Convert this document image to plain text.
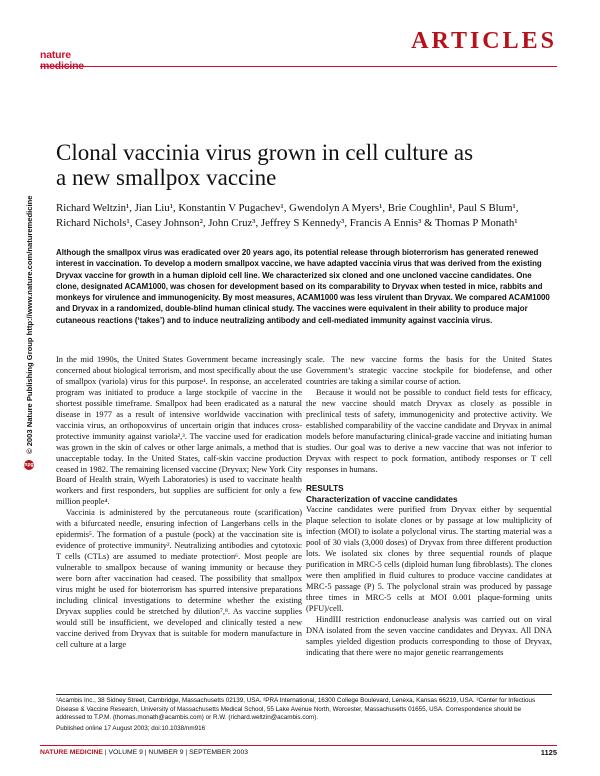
nature
medicine
ARTICLES
npg
© 2003 Nature Publishing Group http://www.nature.com/naturemedicine
Clonal vaccinia virus grown in cell culture as a new smallpox vaccine

Richard Weltzin¹, Jian Liu¹, Konstantin V Pugachev¹, Gwendolyn A Myers¹, Brie Coughlin¹, Paul S Blum¹, Richard Nichols¹, Casey Johnson², John Cruz³, Jeffrey S Kennedy³, Francis A Ennis³ & Thomas P Monath¹

Although the smallpox virus was eradicated over 20 years ago, its potential release through bioterrorism has generated renewed interest in vaccination. To develop a modern smallpox vaccine, we have adapted vaccinia virus that was derived from the existing Dryvax vaccine for growth in a human diploid cell line. We characterized six cloned and one uncloned vaccine candidates. One clone, designated ACAM1000, was chosen for development based on its comparability to Dryvax when tested in mice, rabbits and monkeys for virulence and immunogenicity. By most measures, ACAM1000 was less virulent than Dryvax. We compared ACAM1000 and Dryvax in a randomized, double-blind human clinical study. The vaccines were equivalent in their ability to produce major cutaneous reactions (‘takes’) and to induce neutralizing antibody and cell-mediated immunity against vaccinia virus.

In the mid 1990s, the United States Government became increasingly concerned about biological terrorism, and most specifically about the use of smallpox (variola) virus for this purpose¹. In response, an accelerated program was initiated to produce a large stockpile of vaccine in the shortest possible timeframe. Smallpox had been eradicated as a natural disease in 1977 as a result of intensive worldwide vaccination with vaccinia virus, an orthopoxvirus of uncertain origin that induces cross-protective immunity against variola²,³. The vaccine used for eradication was grown in the skin of calves or other large animals, a method that is unacceptable today. In the United States, calf-skin vaccine production ceased in 1982. The remaining licensed vaccine (Dryvax; New York City Board of Health strain, Wyeth Laboratories) is used to vaccinate health workers and first responders, but supplies are sufficient for only a few million people⁴.

Vaccinia is administered by the percutaneous route (scarification) with a bifurcated needle, ensuring infection of Langerhans cells in the epidermis⁵. The formation of a pustule (pock) at the vaccination site is evidence of protective immunity². Neutralizing antibodies and cytotoxic T cells (CTLs) are assumed to mediate protection⁶. Most people are vulnerable to smallpox because of waning immunity or because they were born after vaccination had ceased. The possibility that smallpox virus might be used for bioterrorism has spurred intensive preparations including clinical investigations to determine whether the existing Dryvax supplies could be stretched by dilution⁷,⁸. As vaccine supplies would still be insufficient, we developed and clinically tested a new vaccine derived from Dryvax that is suitable for modern manufacture in cell culture at a large

scale. The new vaccine forms the basis for the United States Government’s strategic vaccine stockpile for biodefense, and other countries are taking a similar course of action.

Because it would not be possible to conduct field tests for efficacy, the new vaccine should match Dryvax as closely as possible in preclinical tests of safety, immunogenicity and protective activity. We established comparability of the vaccine candidate and Dryvax in animal models before manufacturing clinical-grade vaccine and initiating human studies. Our goal was to derive a new vaccine that was not inferior to Dryvax with respect to pock formation, antibody responses or T cell responses in humans.

RESULTS
Characterization of vaccine candidates

Vaccine candidates were purified from Dryvax either by sequential plaque selection to isolate clones or by passage at low multiplicity of infection (MOI) to isolate a polyclonal virus. The starting material was a pool of 30 vials (3,000 doses) of Dryvax from three different production lots. We isolated six clones by three sequential rounds of plaque purification in MRC-5 cells (diploid human lung fibroblasts). The clones were then amplified in fluid cultures to produce vaccine candidates at MRC-5 passage (P) 5. The polyclonal strain was produced by passage three times in MRC-5 cells at MOI 0.001 plaque-forming units (PFU)/cell.

HindIII restriction endonuclease analysis was carried out on viral DNA isolated from the seven vaccine candidates and Dryvax. All DNA samples yielded digestion products corresponding to those of Dryvax, indicating that there were no major genetic rearrangements

¹Acambis Inc., 38 Sidney Street, Cambridge, Massachusetts 02139, USA. ²PRA International, 16300 College Boulevard, Lenexa, Kansas 66219, USA. ³Center for Infectious Disease & Vaccine Research, University of Massachusetts Medical School, 55 Lake Avenue North, Worcester, Massachusetts 01655, USA. Correspondence should be addressed to T.P.M. (thomas.monath@acambis.com) or R.W. (richard.weltzin@acambis.com).

Published online 17 August 2003; doi:10.1038/nm916

NATURE MEDICINE | VOLUME 9 | NUMBER 9 | SEPTEMBER 2003	1125
